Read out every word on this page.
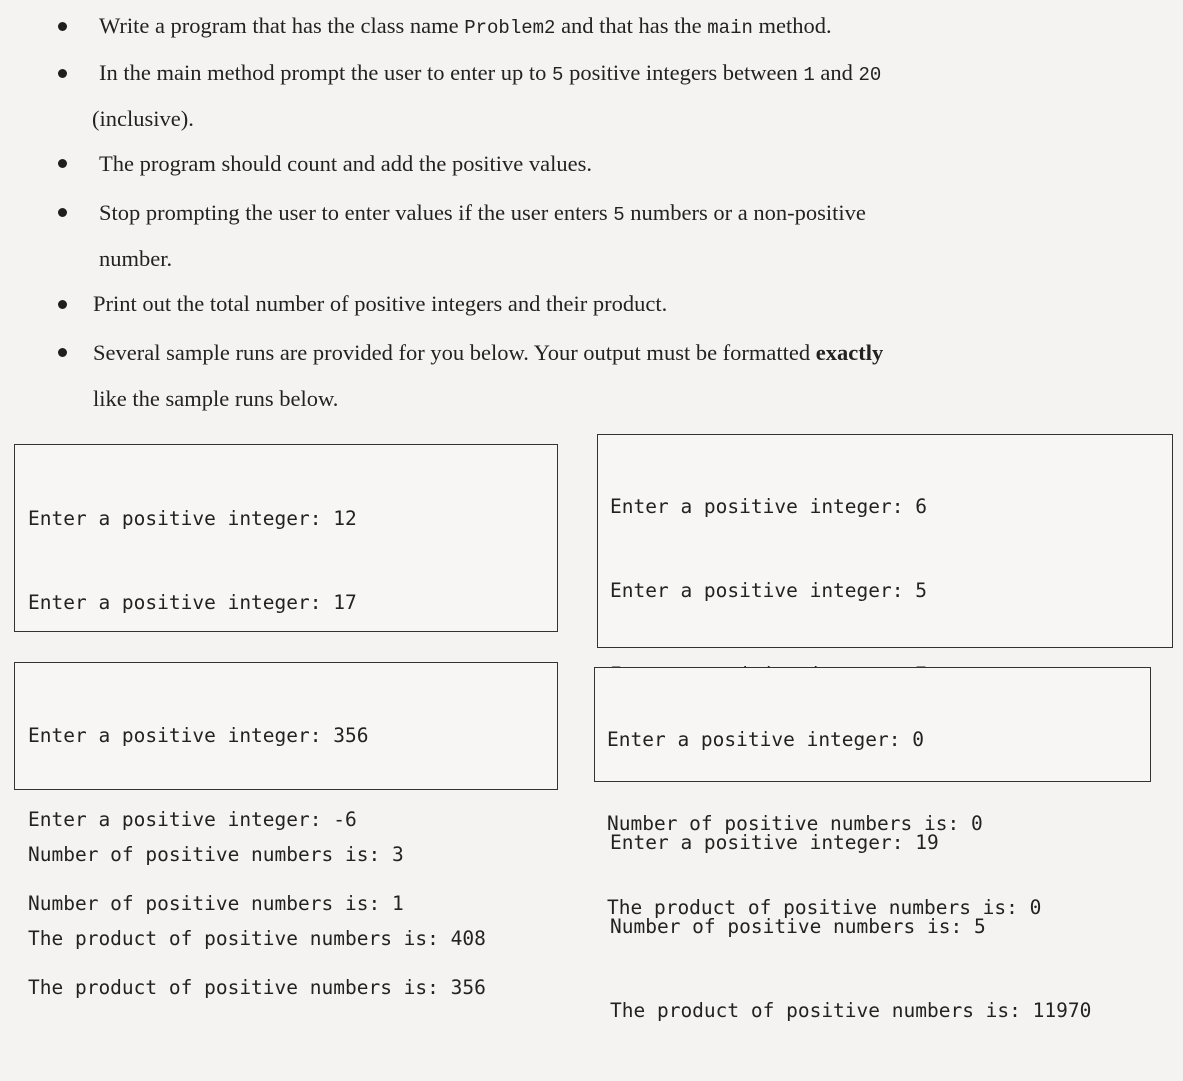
Write a program that has the class name Problem2 and that has the main method.
In the main method prompt the user to enter up to 5 positive integers between 1 and 20
(inclusive).
The program should count and add the positive values.
Stop prompting the user to enter values if the user enters 5 numbers or a non-positive
number.
Print out the total number of positive integers and their product.
Several sample runs are provided for you below. Your output must be formatted exactly
like the sample runs below.

Enter a positive integer: 12

Enter a positive integer: 17

Number of positive numbers is: 3

The product of positive numbers is: 408

Enter a positive integer: 6

Enter a positive integer: 5

Enter a positive integer: 19

Number of positive numbers is: 5

The product of positive numbers is: 11970

Enter a positive integer: 356

Enter a positive integer: -6

Number of positive numbers is: 1

The product of positive numbers is: 356

Enter a positive integer: 0

Number of positive numbers is: 0

The product of positive numbers is: 0
